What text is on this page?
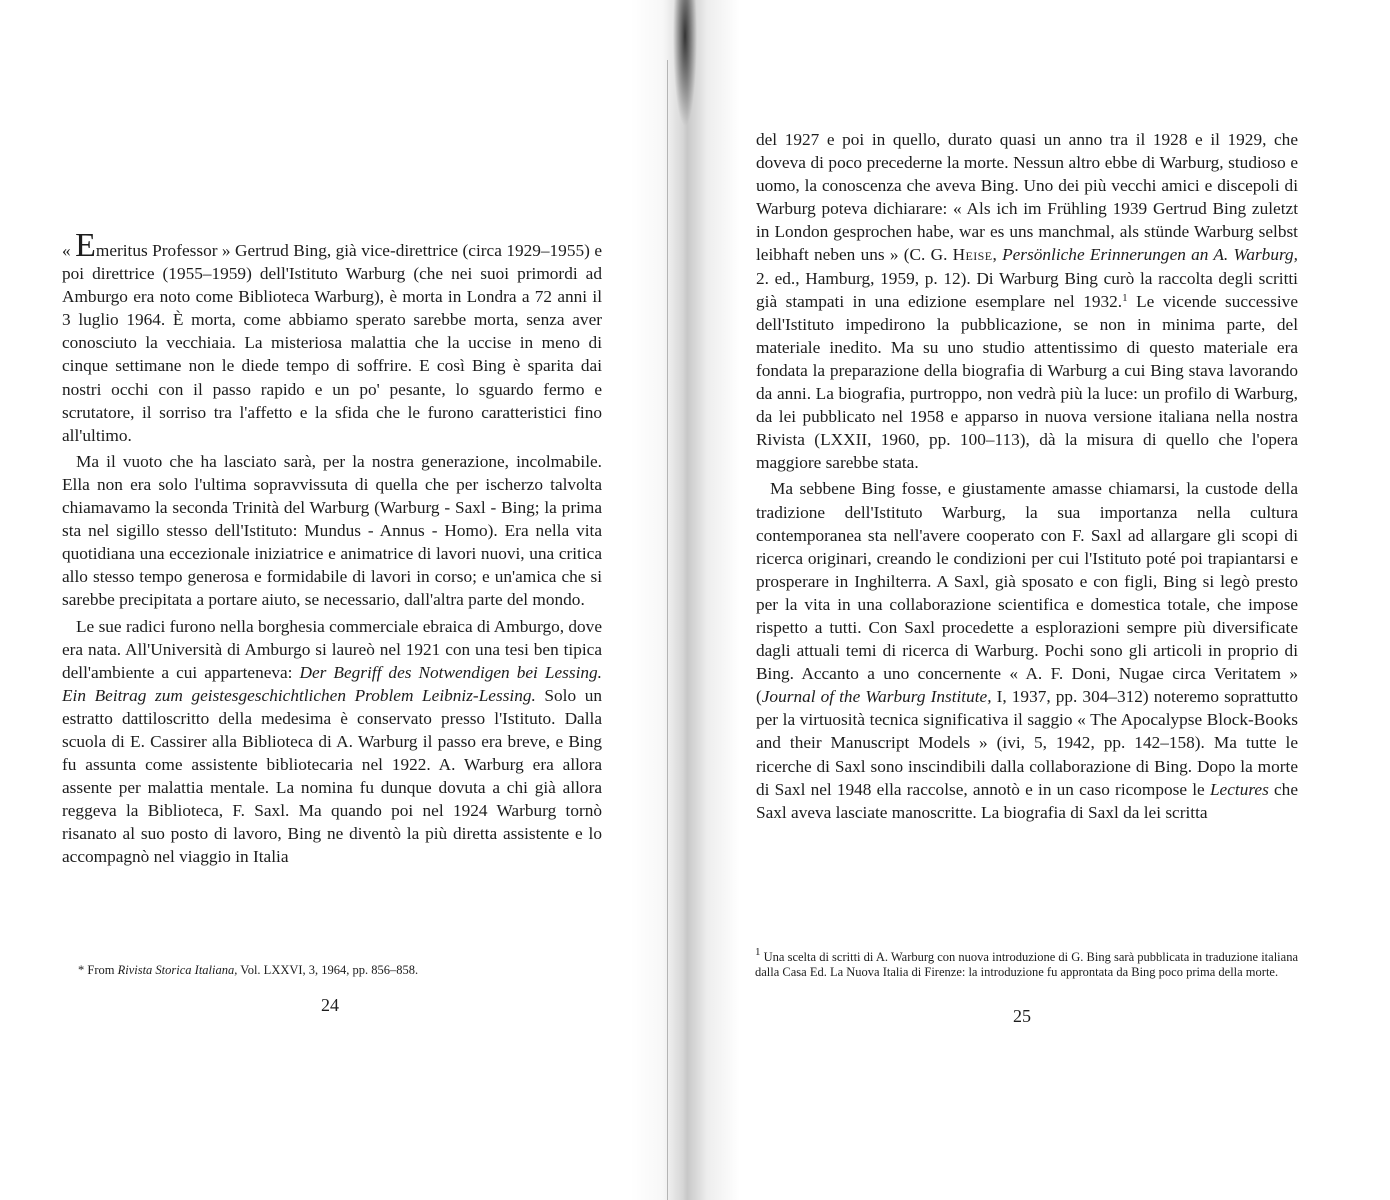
« Emeritus Professor » Gertrud Bing, già vice-direttrice (circa 1929–1955) e poi direttrice (1955–1959) dell'Istituto Warburg (che nei suoi primordi ad Amburgo era noto come Biblioteca Warburg), è morta in Londra a 72 anni il 3 luglio 1964. È morta, come abbiamo sperato sarebbe morta, senza aver conosciuto la vecchiaia. La misteriosa malattia che la uccise in meno di cinque settimane non le diede tempo di soffrire. E così Bing è sparita dai nostri occhi con il passo rapido e un po' pesante, lo sguardo fermo e scrutatore, il sorriso tra l'affetto e la sfida che le furono caratteristici fino all'ultimo.

Ma il vuoto che ha lasciato sarà, per la nostra generazione, incolmabile. Ella non era solo l'ultima sopravvissuta di quella che per ischerzo talvolta chiamavamo la seconda Trinità del Warburg (Warburg - Saxl - Bing; la prima sta nel sigillo stesso dell'Istituto: Mundus - Annus - Homo). Era nella vita quotidiana una eccezionale iniziatrice e animatrice di lavori nuovi, una critica allo stesso tempo generosa e formidabile di lavori in corso; e un'amica che si sarebbe precipitata a portare aiuto, se necessario, dall'altra parte del mondo.

Le sue radici furono nella borghesia commerciale ebraica di Amburgo, dove era nata. All'Università di Amburgo si laureò nel 1921 con una tesi ben tipica dell'ambiente a cui apparteneva: Der Begriff des Notwendigen bei Lessing. Ein Beitrag zum geistesgeschichtlichen Problem Leibniz-Lessing. Solo un estratto dattiloscritto della medesima è conservato presso l'Istituto. Dalla scuola di E. Cassirer alla Biblioteca di A. Warburg il passo era breve, e Bing fu assunta come assistente bibliotecaria nel 1922. A. Warburg era allora assente per malattia mentale. La nomina fu dunque dovuta a chi già allora reggeva la Biblioteca, F. Saxl. Ma quando poi nel 1924 Warburg tornò risanato al suo posto di lavoro, Bing ne diventò la più diretta assistente e lo accompagnò nel viaggio in Italia

* From Rivista Storica Italiana, Vol. LXXVI, 3, 1964, pp. 856–858.

24

del 1927 e poi in quello, durato quasi un anno tra il 1928 e il 1929, che doveva di poco precederne la morte. Nessun altro ebbe di Warburg, studioso e uomo, la conoscenza che aveva Bing. Uno dei più vecchi amici e discepoli di Warburg poteva dichiarare: « Als ich im Frühling 1939 Gertrud Bing zuletzt in London gesprochen habe, war es uns manchmal, als stünde Warburg selbst leibhaft neben uns » (C. G. Heise, Persönliche Erinnerungen an A. Warburg, 2. ed., Hamburg, 1959, p. 12). Di Warburg Bing curò la raccolta degli scritti già stampati in una edizione esemplare nel 1932.$^1$ Le vicende successive dell'Istituto impedirono la pubblicazione, se non in minima parte, del materiale inedito. Ma su uno studio attentissimo di questo materiale era fondata la preparazione della biografia di Warburg a cui Bing stava lavorando da anni. La biografia, purtroppo, non vedrà più la luce: un profilo di Warburg, da lei pubblicato nel 1958 e apparso in nuova versione italiana nella nostra Rivista (LXXII, 1960, pp. 100–113), dà la misura di quello che l'opera maggiore sarebbe stata.

Ma sebbene Bing fosse, e giustamente amasse chiamarsi, la custode della tradizione dell'Istituto Warburg, la sua importanza nella cultura contemporanea sta nell'avere cooperato con F. Saxl ad allargare gli scopi di ricerca originari, creando le condizioni per cui l'Istituto poté poi trapiantarsi e prosperare in Inghilterra. A Saxl, già sposato e con figli, Bing si legò presto per la vita in una collaborazione scientifica e domestica totale, che impose rispetto a tutti. Con Saxl procedette a esplorazioni sempre più diversificate dagli attuali temi di ricerca di Warburg. Pochi sono gli articoli in proprio di Bing. Accanto a uno concernente « A. F. Doni, Nugae circa Veritatem » (Journal of the Warburg Institute, I, 1937, pp. 304–312) noteremo soprattutto per la virtuosità tecnica significativa il saggio « The Apocalypse Block-Books and their Manuscript Models » (ivi, 5, 1942, pp. 142–158). Ma tutte le ricerche di Saxl sono inscindibili dalla collaborazione di Bing. Dopo la morte di Saxl nel 1948 ella raccolse, annotò e in un caso ricompose le Lectures che Saxl aveva lasciate manoscritte. La biografia di Saxl da lei scritta

$^1$ Una scelta di scritti di A. Warburg con nuova introduzione di G. Bing sarà pubblicata in traduzione italiana dalla Casa Ed. La Nuova Italia di Firenze: la introduzione fu approntata da Bing poco prima della morte.

25
